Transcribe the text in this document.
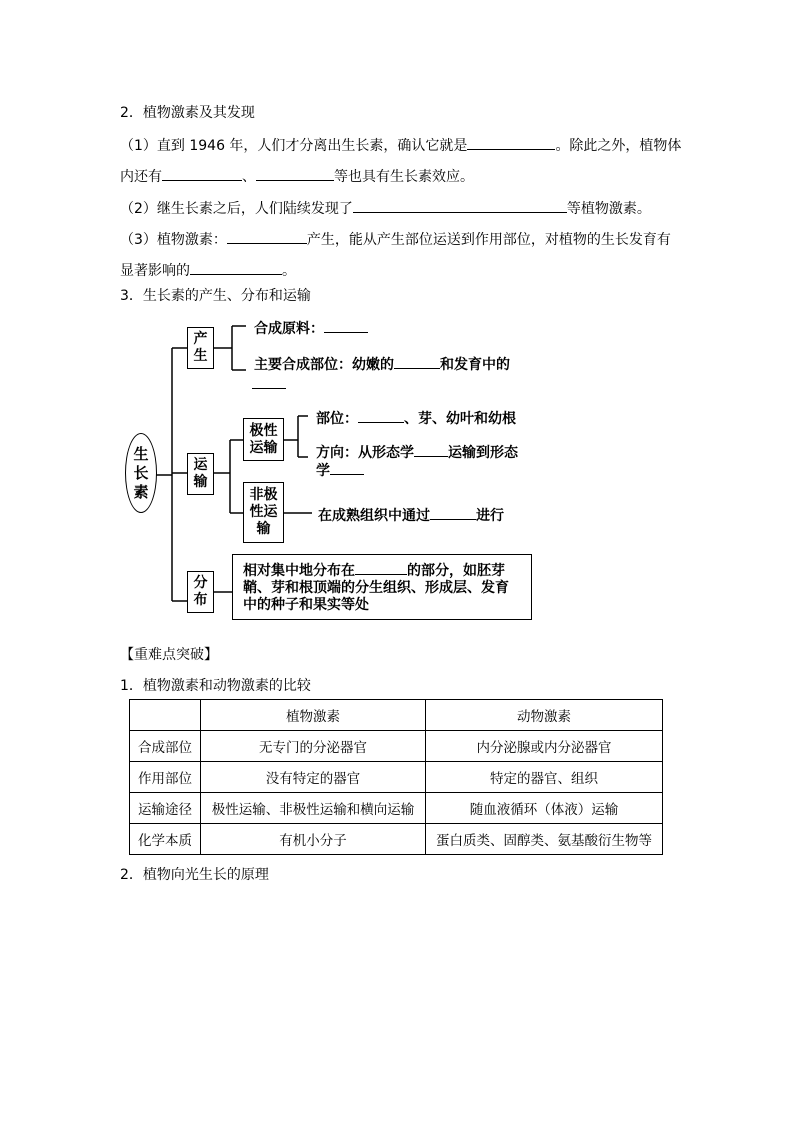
2．植物激素及其发现
（1）直到 1946 年，人们才分离出生长素，确认它就是	。除此之外，植物体
内还有	、	等也具有生长素效应。
（2）继生长素之后，人们陆续发现了	等植物激素。
（3）植物激素：	产生，能从产生部位运送到作用部位，对植物的生长发育有
显著影响的	。
3．生长素的产生、分布和运输
生
长
素
产生
合成原料：
主要合成部位：幼嫩的	和发育中的
运输
极性运输
部位：	、芽、幼叶和幼根
方向：从形态学 运输到形态
学
非极性运输
在成熟组织中通过	进行
分布
相对集中地分布在	的部分，如胚芽
鞘、芽和根顶端的分生组织、形成层、发育
中的种子和果实等处
【重难点突破】
1．植物激素和动物激素的比较
	植物激素	动物激素
合成部位	无专门的分泌器官	内分泌腺或内分泌器官
作用部位	没有特定的器官	特定的器官、组织
运输途径	极性运输、非极性运输和横向运输	随血液循环（体液）运输
化学本质	有机小分子	蛋白质类、固醇类、氨基酸衍生物等
2．植物向光生长的原理
